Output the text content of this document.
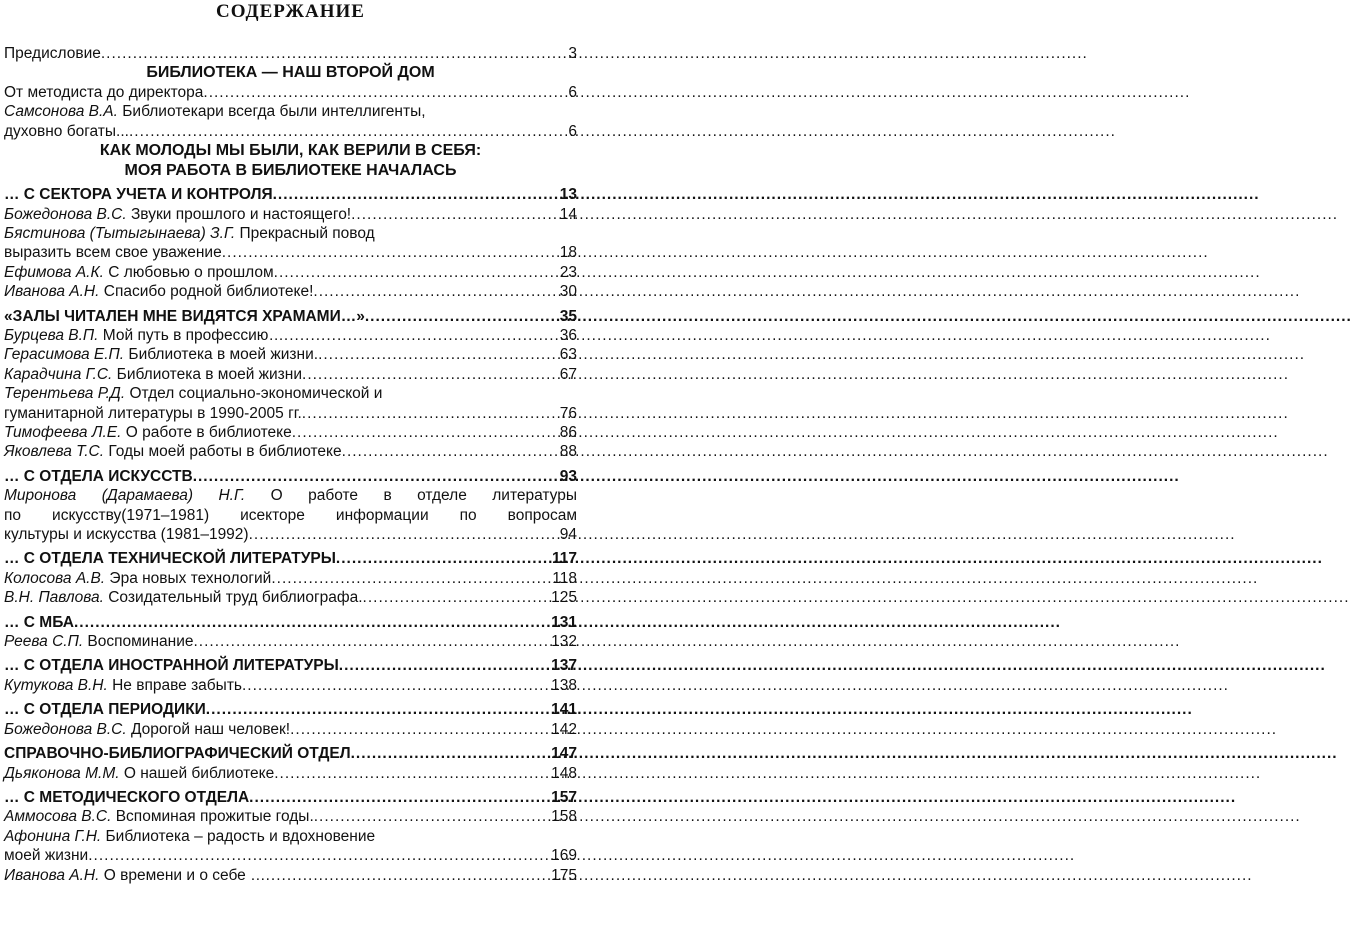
СОДЕРЖАНИЕ
Предисловие .....	3
БИБЛИОТЕКА — НАШ ВТОРОЙ ДОМ
От методиста до директора .....	6
Самсонова В.А. Библиотекари всегда были интеллигенты,
духовно богаты... .....	6
КАК МОЛОДЫ МЫ БЫЛИ, КАК ВЕРИЛИ В СЕБЯ:
МОЯ РАБОТА В БИБЛИОТЕКЕ НАЧАЛАСЬ
… С СЕКТОРА УЧЕТА И КОНТРОЛЯ .....	13
Божедонова В.С. Звуки прошлого и настоящего! .....	14
Бястинова (Тытыгынаева) З.Г. Прекрасный повод
выразить всем свое уважение .....	18
Ефимова А.К. С любовью о прошлом .....	23
Иванова А.Н. Спасибо родной библиотеке! .....	30
«ЗАЛЫ ЧИТАЛЕН МНЕ ВИДЯТСЯ ХРАМАМИ…» .....	35
Бурцева В.П. Мой путь в профессию… .....	36
Герасимова Е.П. Библиотека в моей жизни. .....	63
Карадчина Г.С. Библиотека в моей жизни .....	67
Терентьева Р.Д. Отдел социально-экономической и
гуманитарной литературы в 1990-2005 гг. .....	76
Тимофеева Л.Е. О работе в библиотеке .....	86
Яковлева Т.С. Годы моей работы в библиотеке .....	88
… С ОТДЕЛА ИСКУССТВ .....	93
Миронова (Дарамаева) Н.Г. О работе в отделе литературы
по искусству(1971–1981) исекторе информации по вопросам
культуры и искусства (1981–1992) .....	94
… С ОТДЕЛА ТЕХНИЧЕСКОЙ ЛИТЕРАТУРЫ .....	117
Колосова А.В. Эра новых технологий .....	118
В.Н. Павлова. Созидательный труд библиографа. .....	125
… С МБА .....	131
Реева С.П. Воспоминание .....	132
… С ОТДЕЛА ИНОСТРАННОЙ ЛИТЕРАТУРЫ .....	137
Кутукова В.Н. Не вправе забыть .....	138
… С ОТДЕЛА ПЕРИОДИКИ .....	141
Божедонова В.С. Дорогой наш человек! .....	142
СПРАВОЧНО-БИБЛИОГРАФИЧЕСКИЙ ОТДЕЛ .....	147
Дьяконова М.М. О нашей библиотеке .....	148
… С МЕТОДИЧЕСКОГО ОТДЕЛА .....	157
Аммосова В.С. Вспоминая прожитые годы. .....	158
Афонина Г.Н. Библиотека – радость и вдохновение
моей жизни .....	169
Иванова А.Н. О времени и о себе … .....	175
